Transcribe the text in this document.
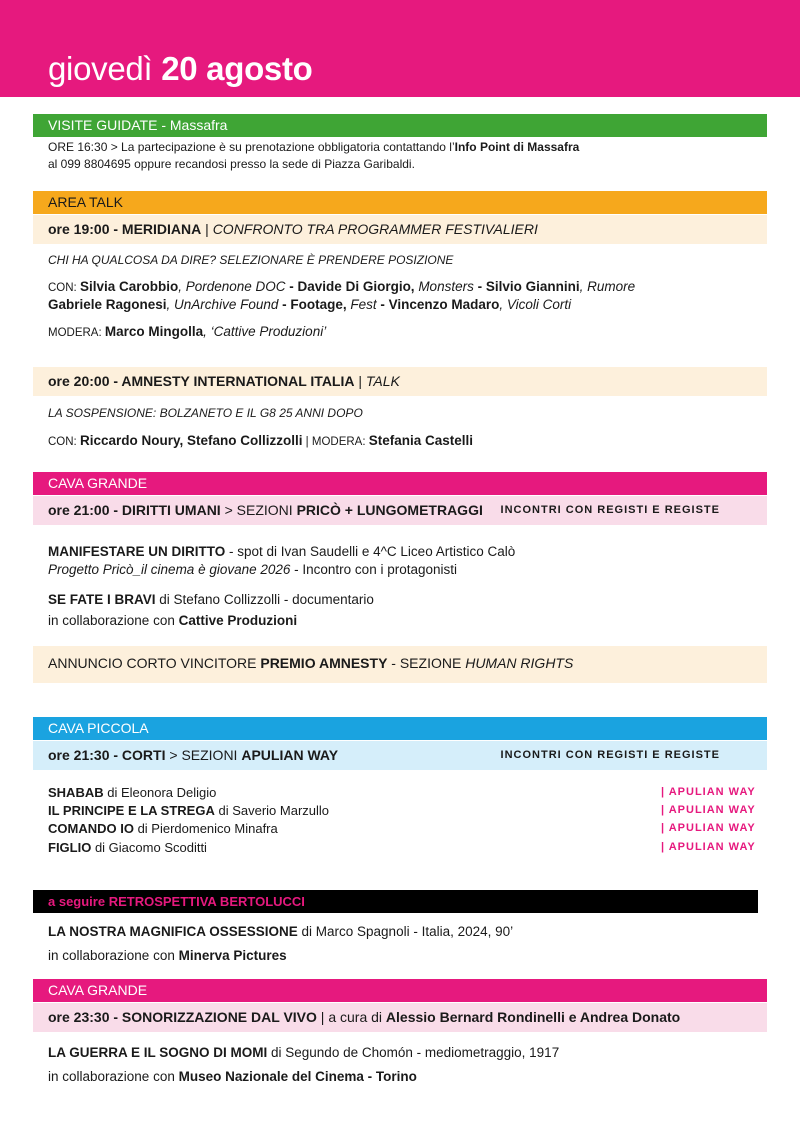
giovedì 20 agosto
VISITE GUIDATE - Massafra
ORE 16:30 > La partecipazione è su prenotazione obbligatoria contattando l’Info Point di Massafra
al 099 8804695 oppure recandosi presso la sede di Piazza Garibaldi.
AREA TALK
ore 19:00 - MERIDIANA | CONFRONTO TRA PROGRAMMER FESTIVALIERI
CHI HA QUALCOSA DA DIRE? SELEZIONARE È PRENDERE POSIZIONE
CON: Silvia Carobbio, Pordenone DOC - Davide Di Giorgio, Monsters - Silvio Giannini, Rumore
Gabriele Ragonesi, UnArchive Found - Footage, Fest - Vincenzo Madaro, Vicoli Corti
MODERA: Marco Mingolla, ‘Cattive Produzioni’
ore 20:00 - AMNESTY INTERNATIONAL ITALIA | TALK
LA SOSPENSIONE: BOLZANETO E IL G8 25 ANNI DOPO
CON: Riccardo Noury, Stefano Collizzolli | MODERA: Stefania Castelli
CAVA GRANDE
ore 21:00 - DIRITTI UMANI > SEZIONI PRICÒ + LUNGOMETRAGGI INCONTRI CON REGISTI E REGISTE
MANIFESTARE UN DIRITTO - spot di Ivan Saudelli e 4^C Liceo Artistico Calò
Progetto Pricò_il cinema è giovane 2026 - Incontro con i protagonisti
SE FATE I BRAVI di Stefano Collizzolli - documentario
in collaborazione con Cattive Produzioni
ANNUNCIO CORTO VINCITORE PREMIO AMNESTY - SEZIONE HUMAN RIGHTS
CAVA PICCOLA
ore 21:30 - CORTI > SEZIONI APULIAN WAY	INCONTRI CON REGISTI E REGISTE
SHABAB di Eleonora Deligio	| APULIAN WAY
IL PRINCIPE E LA STREGA di Saverio Marzullo	| APULIAN WAY
COMANDO IO di Pierdomenico Minafra	| APULIAN WAY
FIGLIO di Giacomo Scoditti	| APULIAN WAY
a seguire RETROSPETTIVA BERTOLUCCI
LA NOSTRA MAGNIFICA OSSESSIONE di Marco Spagnoli - Italia, 2024, 90’
in collaborazione con Minerva Pictures
CAVA GRANDE
ore 23:30 - SONORIZZAZIONE DAL VIVO | a cura di Alessio Bernard Rondinelli e Andrea Donato
LA GUERRA E IL SOGNO DI MOMI di Segundo de Chomón - mediometraggio, 1917
in collaborazione con Museo Nazionale del Cinema - Torino
